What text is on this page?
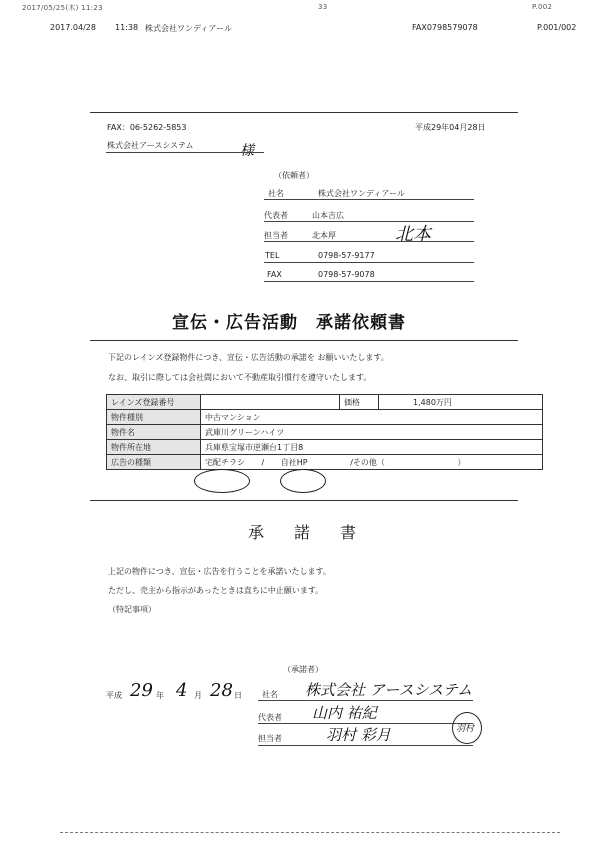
2017/05/25(木) 11:23	33	P.002
2017.04/28 11:38 株式会社ワンディアール	FAX0798579078	P.001/002
FAX：06-5262-5853	平成29年04月28日
株式会社アースシステム	様
（依頼者）
社名	株式会社ワンディアール
代表者	山本吉広
担当者	北本厚	北本
TEL	0798-57-9177
FAX	0798-57-9078
宣伝・広告活動　承諾依頼書
下記のレインズ登録物件につき、宣伝・広告活動の承諾を お願いいたします。
なお、取引に際しては会社間において不動産取引慣行を遵守いたします。
レインズ登録番号		価格	1,480万円
物件種別	中古マンション		
物件名	武庫川グリーンハイツ		
物件所在地	兵庫県宝塚市逆瀬台1丁目8		
広告の種類	宅配チラシ / 自社HP /その他（ ）		
承諾書
上記の物件につき、宣伝・広告を行うことを承諾いたします。
ただし、売主から指示があったときは直ちに中止願います。
（特記事項）
（承諾者）
平成 29 年 4 月 28 日	社名 株式会社 アースシステム
代表者 山内 祐紀
担当者	羽村 彩月	羽村
